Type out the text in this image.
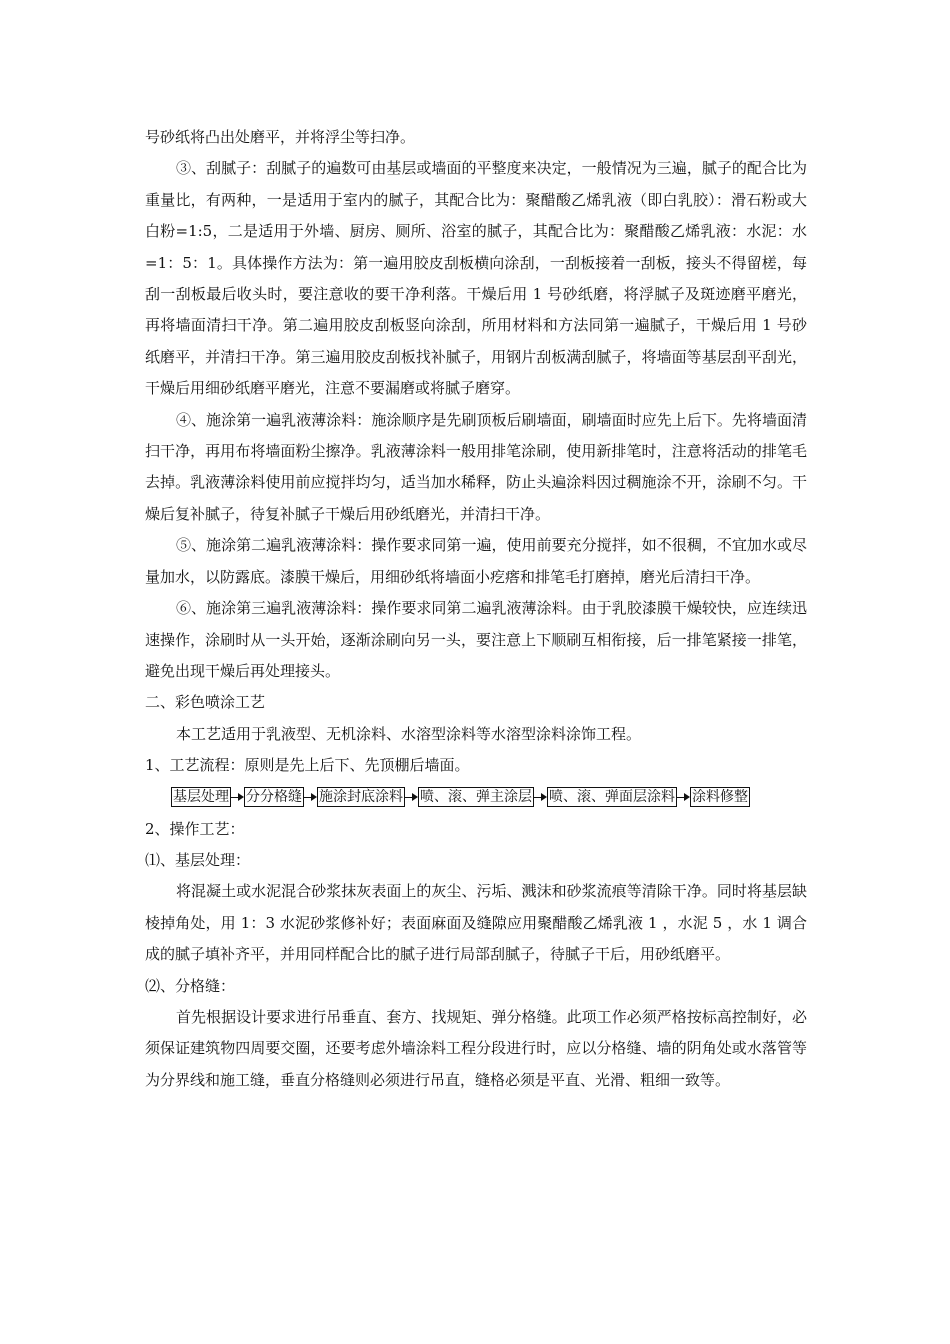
号砂纸将凸出处磨平，并将浮尘等扫净。

③、刮腻子：刮腻子的遍数可由基层或墙面的平整度来决定，一般情况为三遍，腻子的配合比为重量比，有两种，一是适用于室内的腻子，其配合比为：聚醋酸乙烯乳液（即白乳胶）：滑石粉或大白粉=1:5，二是适用于外墙、厨房、厕所、浴室的腻子，其配合比为：聚醋酸乙烯乳液：水泥：水=1：5：1。具体操作方法为：第一遍用胶皮刮板横向涂刮，一刮板接着一刮板，接头不得留槎，每刮一刮板最后收头时，要注意收的要干净利落。干燥后用 1 号砂纸磨，将浮腻子及斑迹磨平磨光，再将墙面清扫干净。第二遍用胶皮刮板竖向涂刮，所用材料和方法同第一遍腻子，干燥后用 1 号砂纸磨平，并清扫干净。第三遍用胶皮刮板找补腻子，用钢片刮板满刮腻子，将墙面等基层刮平刮光，干燥后用细砂纸磨平磨光，注意不要漏磨或将腻子磨穿。

④、施涂第一遍乳液薄涂料：施涂顺序是先刷顶板后刷墙面，刷墙面时应先上后下。先将墙面清扫干净，再用布将墙面粉尘擦净。乳液薄涂料一般用排笔涂刷，使用新排笔时，注意将活动的排笔毛去掉。乳液薄涂料使用前应搅拌均匀，适当加水稀释，防止头遍涂料因过稠施涂不开，涂刷不匀。干燥后复补腻子，待复补腻子干燥后用砂纸磨光，并清扫干净。

⑤、施涂第二遍乳液薄涂料：操作要求同第一遍，使用前要充分搅拌，如不很稠，不宜加水或尽量加水，以防露底。漆膜干燥后，用细砂纸将墙面小疙瘩和排笔毛打磨掉，磨光后清扫干净。

⑥、施涂第三遍乳液薄涂料：操作要求同第二遍乳液薄涂料。由于乳胶漆膜干燥较快，应连续迅速操作，涂刷时从一头开始，逐渐涂刷向另一头，要注意上下顺刷互相衔接，后一排笔紧接一排笔，避免出现干燥后再处理接头。

二、彩色喷涂工艺

本工艺适用于乳液型、无机涂料、水溶型涂料等水溶型涂料涂饰工程。

1、工艺流程：原则是先上后下、先顶棚后墙面。

基层处理 分分格缝 施涂封底涂料 喷、滚、弹主涂层 喷、滚、弹面层涂料 涂料修整

2、操作工艺：

⑴、基层处理：

将混凝土或水泥混合砂浆抹灰表面上的灰尘、污垢、溅沫和砂浆流痕等清除干净。同时将基层缺棱掉角处，用 1：3 水泥砂浆修补好；表面麻面及缝隙应用聚醋酸乙烯乳液 1 ，水泥 5 ，水 1 调合成的腻子填补齐平，并用同样配合比的腻子进行局部刮腻子，待腻子干后，用砂纸磨平。

⑵、分格缝：

首先根据设计要求进行吊垂直、套方、找规矩、弹分格缝。此项工作必须严格按标高控制好，必须保证建筑物四周要交圈，还要考虑外墙涂料工程分段进行时，应以分格缝、墙的阴角处或水落管等为分界线和施工缝，垂直分格缝则必须进行吊直，缝格必须是平直、光滑、粗细一致等。
